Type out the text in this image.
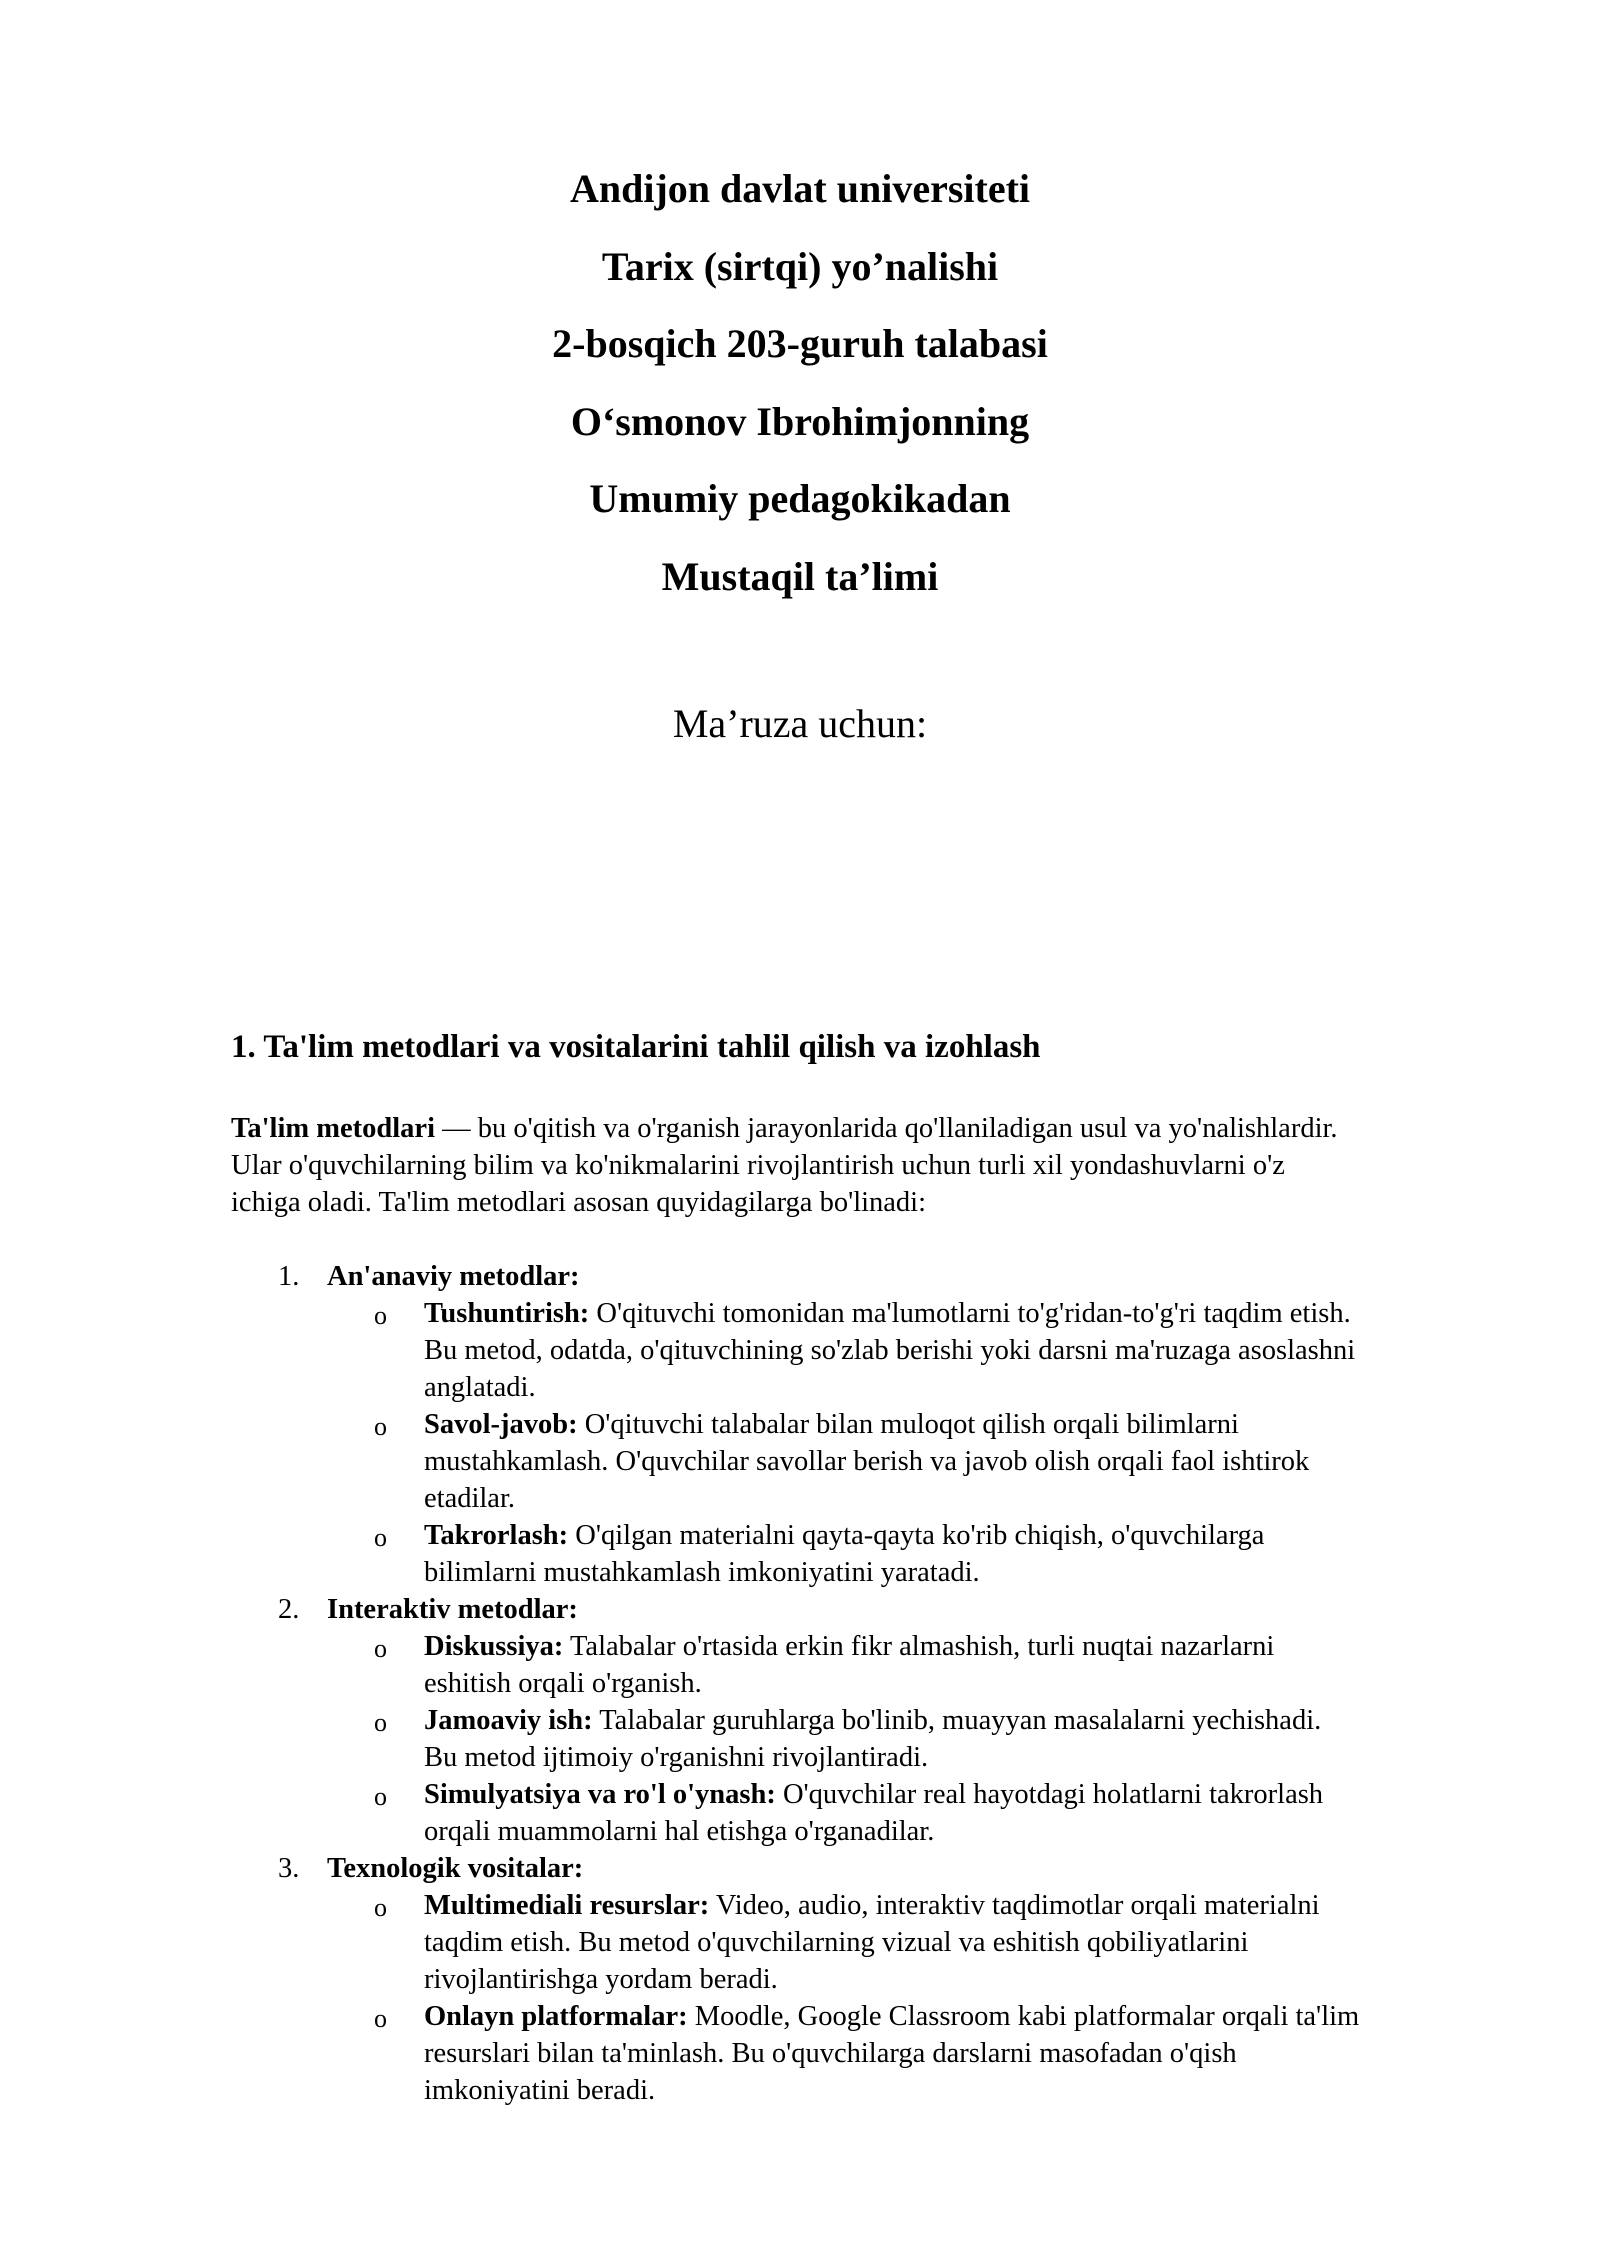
Andijon davlat universiteti

Tarix (sirtqi) yo’nalishi

2-bosqich 203-guruh talabasi

O‘smonov Ibrohimjonning

Umumiy pedagokikadan

Mustaqil ta’limi

Ma’ruza uchun:

1. Ta'lim metodlari va vositalarini tahlil qilish va izohlash

Ta'lim metodlari — bu o'qitish va o'rganish jarayonlarida qo'llaniladigan usul va yo'nalishlardir.
Ular o'quvchilarning bilim va ko'nikmalarini rivojlantirish uchun turli xil yondashuvlarni o'z
ichiga oladi. Ta'lim metodlari asosan quyidagilarga bo'linadi:

1. An'anaviy metodlar:
o Tushuntirish: O'qituvchi tomonidan ma'lumotlarni to'g'ridan-to'g'ri taqdim etish.
Bu metod, odatda, o'qituvchining so'zlab berishi yoki darsni ma'ruzaga asoslashni
anglatadi.
o Savol-javob: O'qituvchi talabalar bilan muloqot qilish orqali bilimlarni
mustahkamlash. O'quvchilar savollar berish va javob olish orqali faol ishtirok
etadilar.
o Takrorlash: O'qilgan materialni qayta-qayta ko'rib chiqish, o'quvchilarga
bilimlarni mustahkamlash imkoniyatini yaratadi.
2. Interaktiv metodlar:
o Diskussiya: Talabalar o'rtasida erkin fikr almashish, turli nuqtai nazarlarni
eshitish orqali o'rganish.
o Jamoaviy ish: Talabalar guruhlarga bo'linib, muayyan masalalarni yechishadi.
Bu metod ijtimoiy o'rganishni rivojlantiradi.
o Simulyatsiya va ro'l o'ynash: O'quvchilar real hayotdagi holatlarni takrorlash
orqali muammolarni hal etishga o'rganadilar.
3. Texnologik vositalar:
o Multimediali resurslar: Video, audio, interaktiv taqdimotlar orqali materialni
taqdim etish. Bu metod o'quvchilarning vizual va eshitish qobiliyatlarini
rivojlantirishga yordam beradi.
o Onlayn platformalar: Moodle, Google Classroom kabi platformalar orqali ta'lim
resurslari bilan ta'minlash. Bu o'quvchilarga darslarni masofadan o'qish
imkoniyatini beradi.
